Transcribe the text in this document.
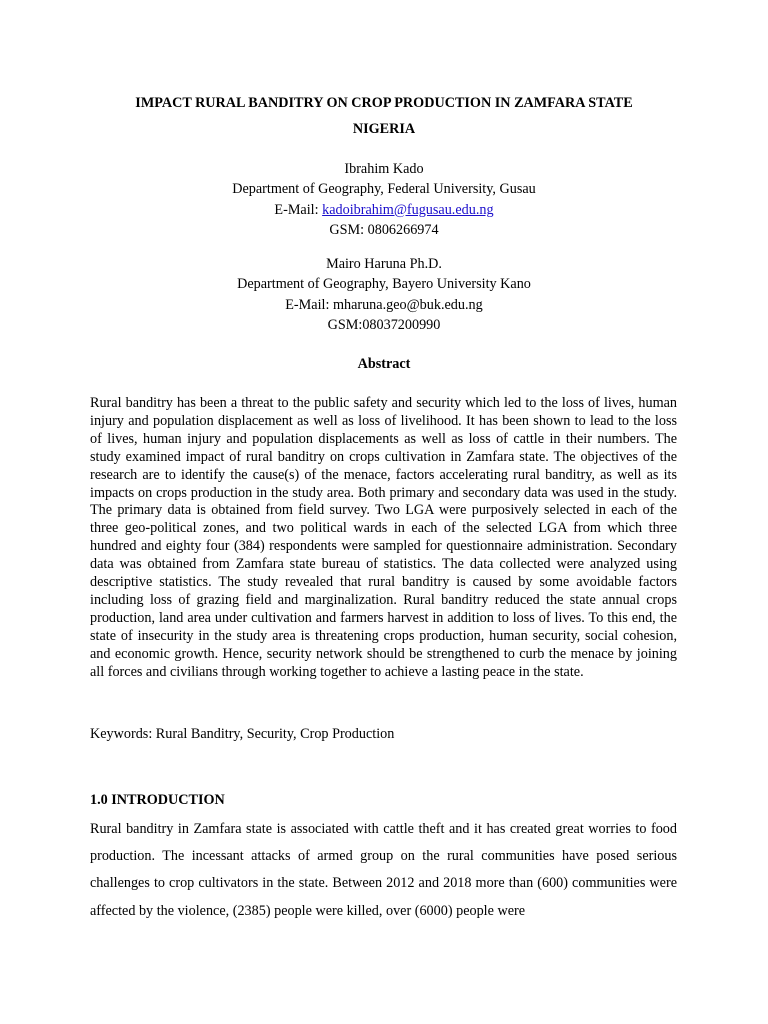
IMPACT RURAL BANDITRY ON CROP PRODUCTION IN ZAMFARA STATE
NIGERIA
Ibrahim Kado
Department of Geography, Federal University, Gusau
E-Mail: kadoibrahim@fugusau.edu.ng
GSM: 0806266974
Mairo Haruna Ph.D.
Department of Geography, Bayero University Kano
E-Mail: mharuna.geo@buk.edu.ng
GSM:08037200990
Abstract

Rural banditry has been a threat to the public safety and security which led to the loss of lives, human injury and population displacement as well as loss of livelihood. It has been shown to lead to the loss of lives, human injury and population displacements as well as loss of cattle in their numbers. The study examined impact of rural banditry on crops cultivation in Zamfara state. The objectives of the research are to identify the cause(s) of the menace, factors accelerating rural banditry, as well as its impacts on crops production in the study area. Both primary and secondary data was used in the study. The primary data is obtained from field survey. Two LGA were purposively selected in each of the three geo-political zones, and two political wards in each of the selected LGA from which three hundred and eighty four (384) respondents were sampled for questionnaire administration. Secondary data was obtained from Zamfara state bureau of statistics. The data collected were analyzed using descriptive statistics. The study revealed that rural banditry is caused by some avoidable factors including loss of grazing field and marginalization. Rural banditry reduced the state annual crops production, land area under cultivation and farmers harvest in addition to loss of lives. To this end, the state of insecurity in the study area is threatening crops production, human security, social cohesion, and economic growth. Hence, security network should be strengthened to curb the menace by joining all forces and civilians through working together to achieve a lasting peace in the state.

Keywords: Rural Banditry, Security, Crop Production

1.0 INTRODUCTION

Rural banditry in Zamfara state is associated with cattle theft and it has created great worries to food production. The incessant attacks of armed group on the rural communities have posed serious challenges to crop cultivators in the state. Between 2012 and 2018 more than (600) communities were affected by the violence, (2385) people were killed, over (6000) people were
